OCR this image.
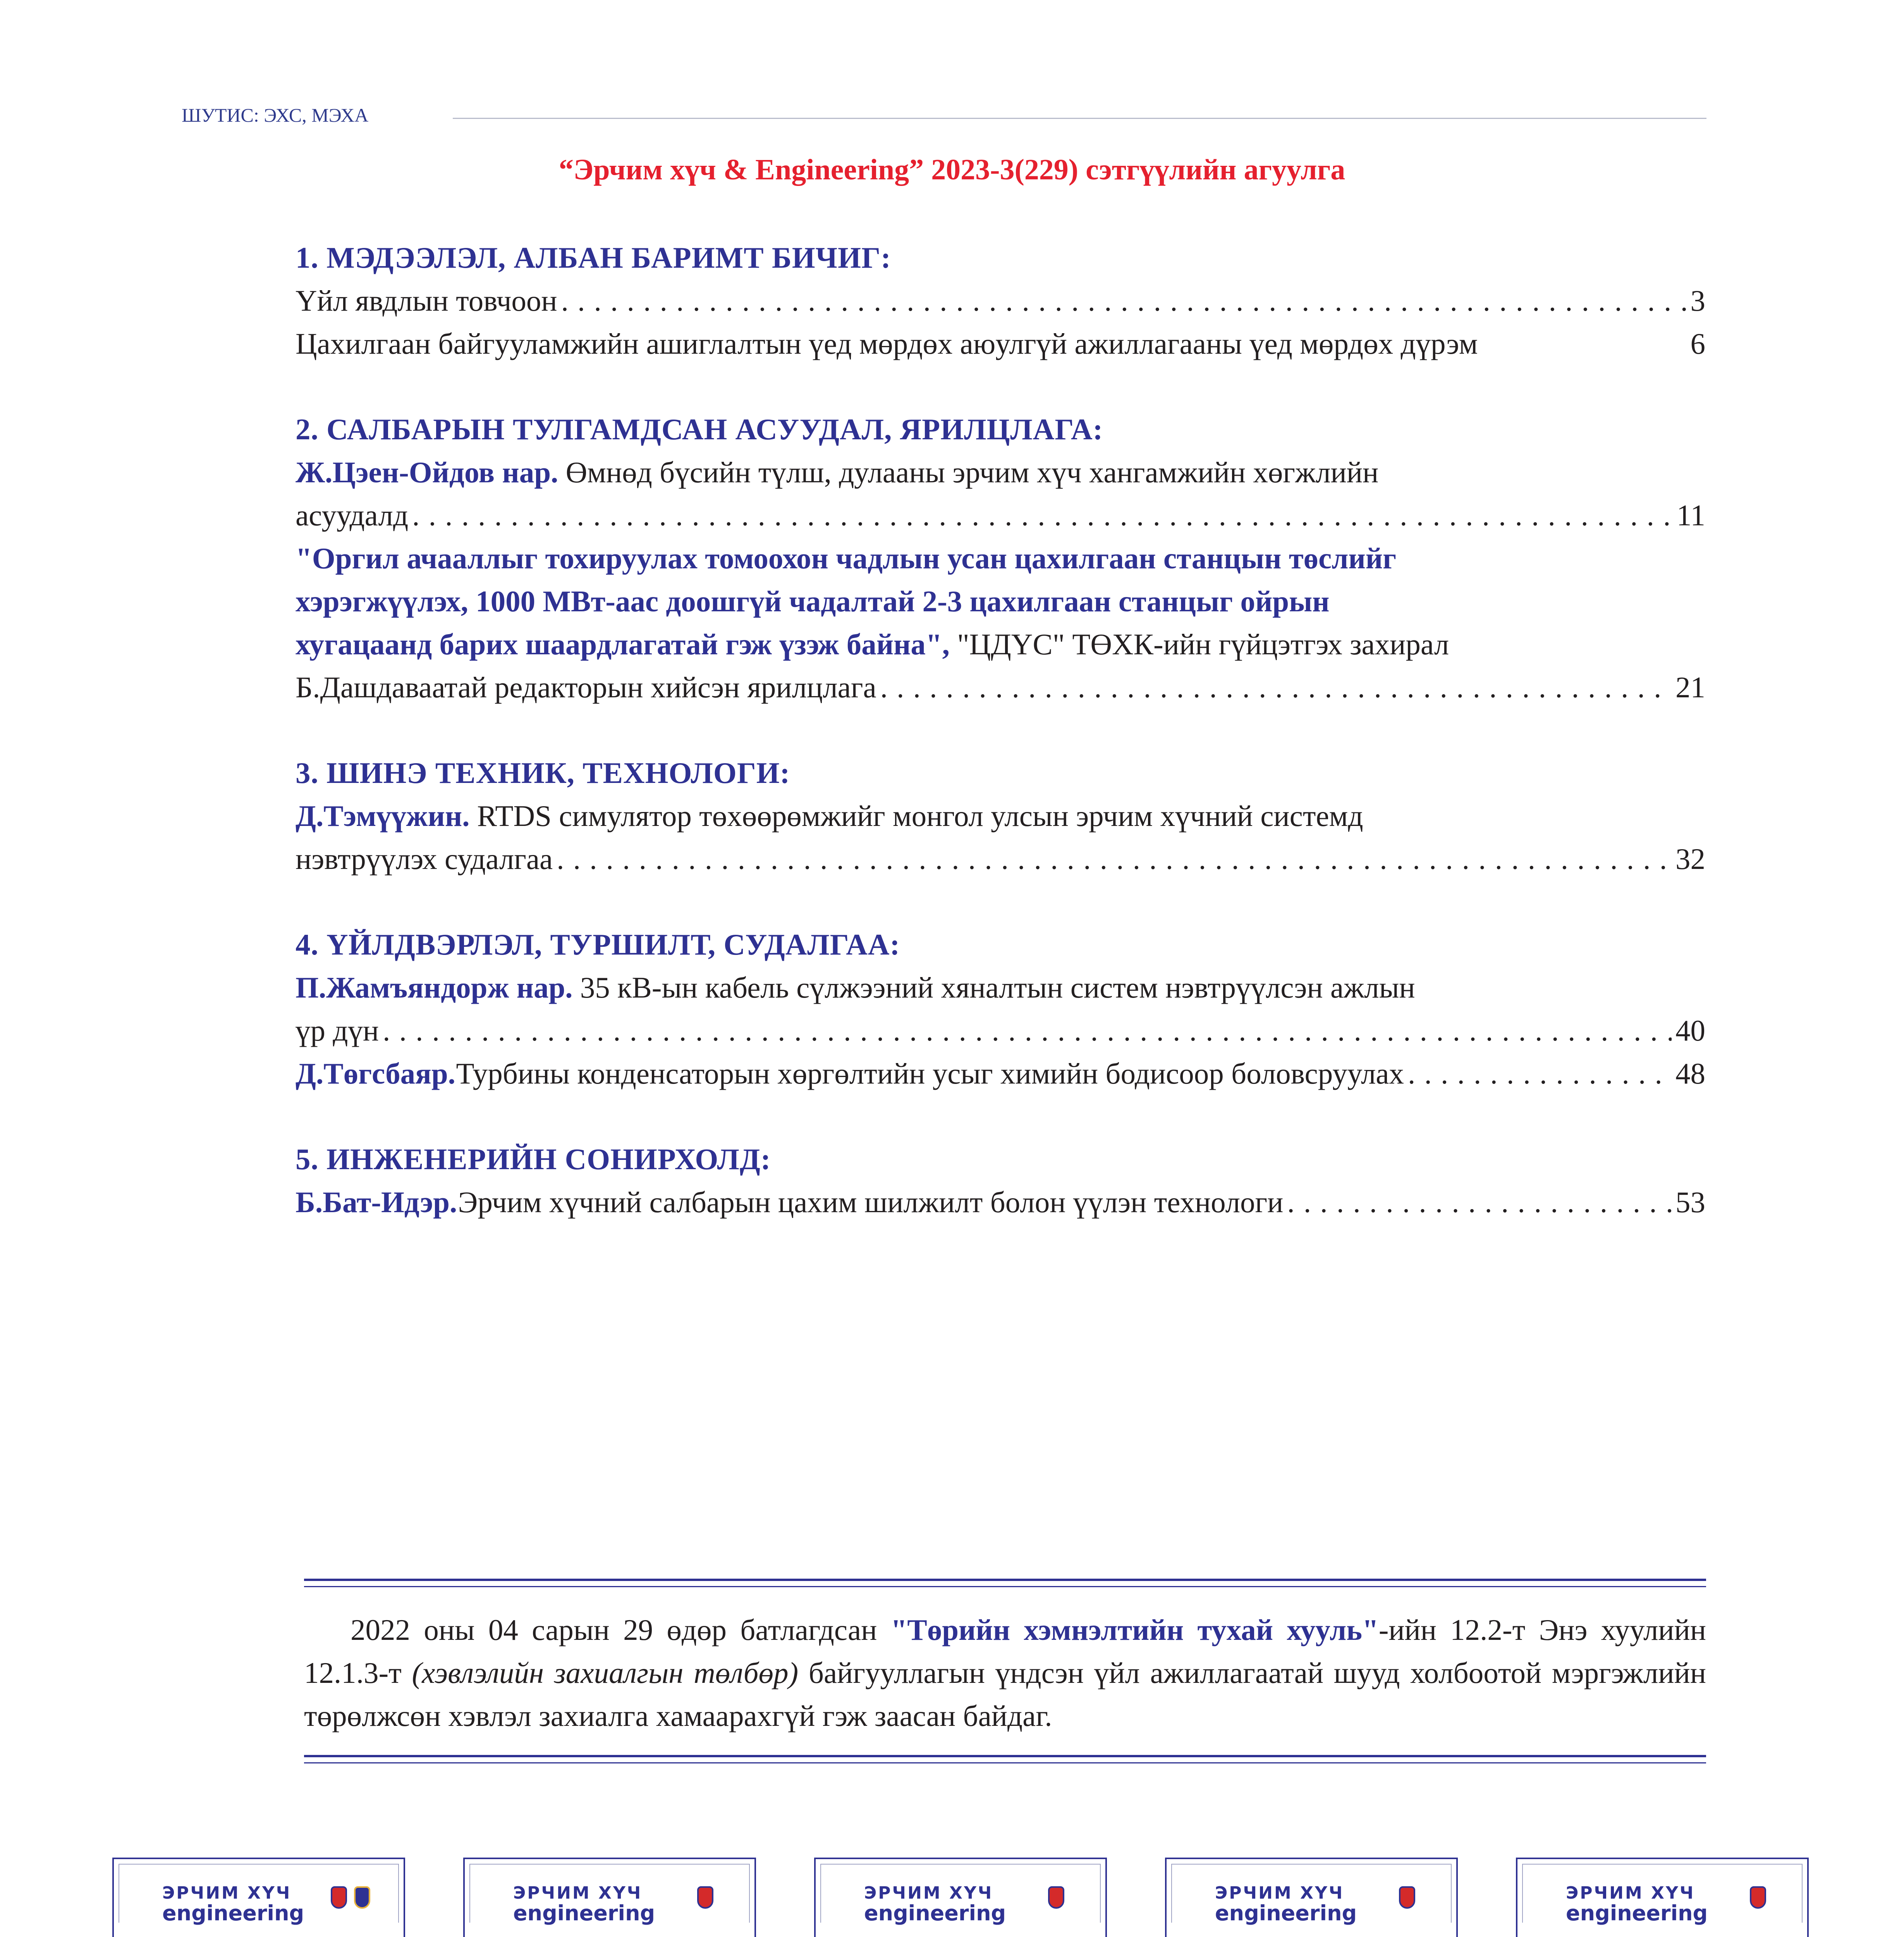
ШУТИС: ЭХС, МЭХА
“Эрчим хүч & Engineering” 2023-3(229) сэтгүүлийн агуулга
1. МЭДЭЭЛЭЛ, АЛБАН БАРИМТ БИЧИГ:
Үйл явдлын товчоон . . .	3
Цахилгаан байгууламжийн ашиглалтын үед мөрдөх аюулгүй ажиллагааны үед мөрдөх дүрэм	6
2. САЛБАРЫН ТУЛГАМДСАН АСУУДАЛ, ЯРИЛЦЛАГА:
Ж.Цэен-Ойдов нар. Өмнөд бүсийн түлш, дулааны эрчим хүч хангамжийн хөгжлийн
асуудалд . . .	11
"Оргил ачааллыг тохируулах томоохон чадлын усан цахилгаан станцын төслийг
хэрэгжүүлэх, 1000 МВт-аас доошгүй чадалтай 2-3 цахилгаан станцыг ойрын
хугацаанд барих шаардлагатай гэж үзэж байна", "ЦДҮС" ТӨХК-ийн гүйцэтгэх захирал
Б.Дашдаваатай редакторын хийсэн ярилцлага . . .	21
3. ШИНЭ ТЕХНИК, ТЕХНОЛОГИ:
Д.Тэмүүжин. RTDS симулятор төхөөрөмжийг монгол улсын эрчим хүчний системд
нэвтрүүлэх судалгаа . . .	32
4. ҮЙЛДВЭРЛЭЛ, ТУРШИЛТ, СУДАЛГАА:
П.Жамъяндорж нар. 35 кВ-ын кабель сүлжээний хяналтын систем нэвтрүүлсэн ажлын
үр дүн . . .	40
Д.Төгсбаяр. Турбины конденсаторын хөргөлтийн усыг химийн бодисоор боловсруулах . . .	48
5. ИНЖЕНЕРИЙН СОНИРХОЛД:
Б.Бат-Идэр. Эрчим хүчний салбарын цахим шилжилт болон үүлэн технологи . . .	53

2022 оны 04 сарын 29 өдөр батлагдсан "Төрийн хэмнэлтийн тухай хууль"-ийн 12.2-т Энэ хуулийн 12.1.3-т (хэвлэлийн захиалгын төлбөр) байгууллагын үндсэн үйл ажиллагаатай шууд холбоотой мэргэжлийн төрөлжсөн хэвлэл захиалга хамаарахгүй гэж заасан байдаг.

ЭРЧИМ ХҮЧ
engineering
ЭРЧИМ ХҮЧ
engineering
ЭРЧИМ ХҮЧ
engineering
ЭРЧИМ ХҮЧ
engineering
ЭРЧИМ ХҮЧ
engineering
